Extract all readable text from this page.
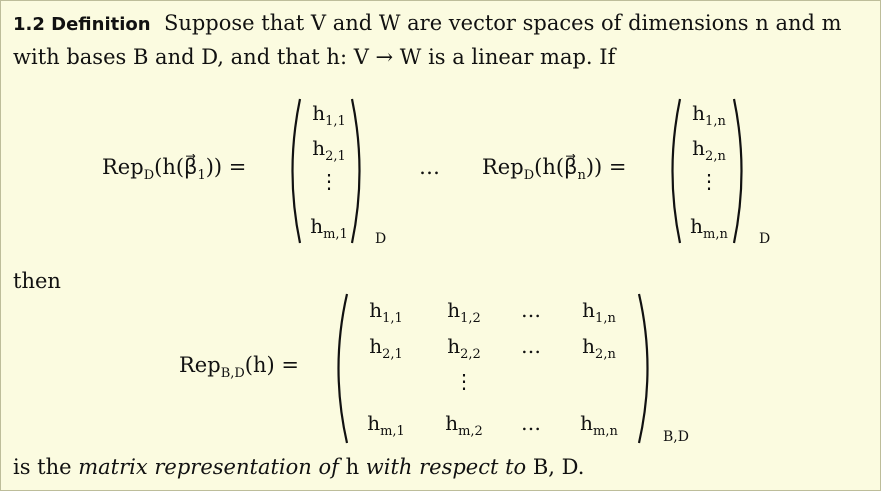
1.2 Definition Suppose that V and W are vector spaces of dimensions n and m
with bases B and D, and that h: V → W is a linear map. If
$Rep_D(h(\beta⃗_1))$ =
$h_{1,1}$
$h_{2,1}$
⋮
$h_{m,1}$	D
… $Rep_D(h(\beta⃗_n))$ =
$h_{1,n}$
$h_{2,n}$
⋮
$h_{m,n}$	D
then
Rep$_{B,D}$(h) =
$h_{1,1}$	$h_{1,2}$	…	$h_{1,n}$
$h_{2,1}$	$h_{2,2}$	…	$h_{2,n}$
⋮
$h_{m,1}$	$h_{m,2}$	…	$h_{m,n}$	B,D
is the matrix representation of h with respect to B, D.
